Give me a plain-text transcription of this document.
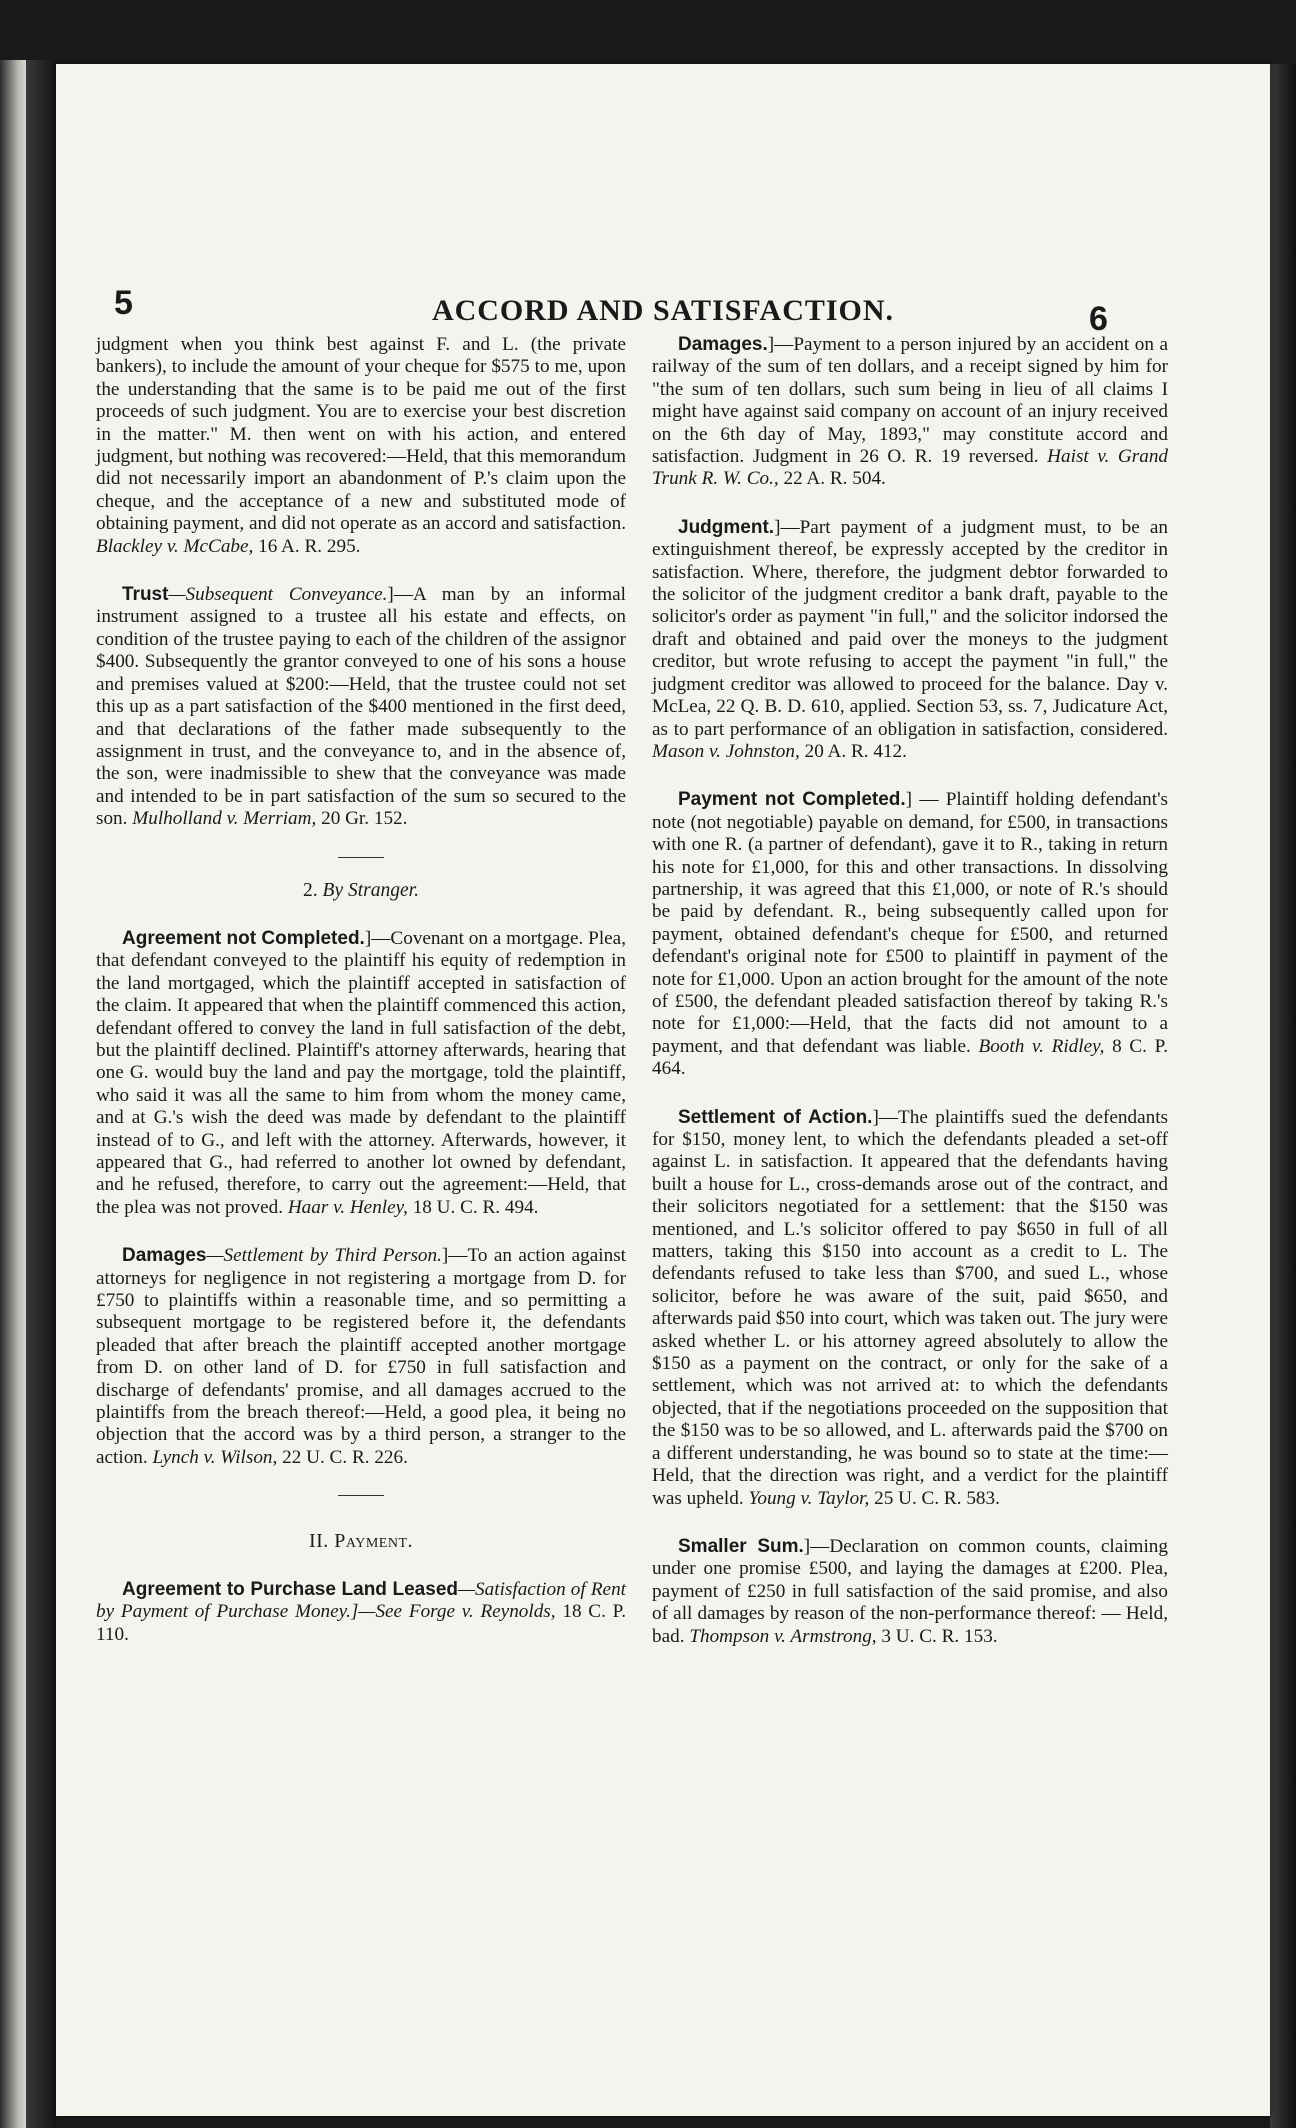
5	ACCORD AND SATISFACTION.	6

judgment when you think best against F. and L. (the private bankers), to include the amount of your cheque for $575 to me, upon the understanding that the same is to be paid me out of the first proceeds of such judgment. You are to exercise your best discretion in the matter." M. then went on with his action, and entered judgment, but nothing was recovered:—Held, that this memorandum did not necessarily import an abandonment of P.'s claim upon the cheque, and the acceptance of a new and substituted mode of obtaining payment, and did not operate as an accord and satisfaction. Blackley v. McCabe, 16 A. R. 295.

Trust—Subsequent Conveyance.]—A man by an informal instrument assigned to a trustee all his estate and effects, on condition of the trustee paying to each of the children of the assignor $400. Subsequently the grantor conveyed to one of his sons a house and premises valued at $200:—Held, that the trustee could not set this up as a part satisfaction of the $400 mentioned in the first deed, and that declarations of the father made subsequently to the assignment in trust, and the conveyance to, and in the absence of, the son, were inadmissible to shew that the conveyance was made and intended to be in part satisfaction of the sum so secured to the son. Mulholland v. Merriam, 20 Gr. 152.

2. By Stranger.

Agreement not Completed.]—Covenant on a mortgage. Plea, that defendant conveyed to the plaintiff his equity of redemption in the land mortgaged, which the plaintiff accepted in satisfaction of the claim. It appeared that when the plaintiff commenced this action, defendant offered to convey the land in full satisfaction of the debt, but the plaintiff declined. Plaintiff's attorney afterwards, hearing that one G. would buy the land and pay the mortgage, told the plaintiff, who said it was all the same to him from whom the money came, and at G.'s wish the deed was made by defendant to the plaintiff instead of to G., and left with the attorney. Afterwards, however, it appeared that G., had referred to another lot owned by defendant, and he refused, therefore, to carry out the agreement:—Held, that the plea was not proved. Haar v. Henley, 18 U. C. R. 494.

Damages—Settlement by Third Person.]—To an action against attorneys for negligence in not registering a mortgage from D. for £750 to plaintiffs within a reasonable time, and so permitting a subsequent mortgage to be registered before it, the defendants pleaded that after breach the plaintiff accepted another mortgage from D. on other land of D. for £750 in full satisfaction and discharge of defendants' promise, and all damages accrued to the plaintiffs from the breach thereof:—Held, a good plea, it being no objection that the accord was by a third person, a stranger to the action. Lynch v. Wilson, 22 U. C. R. 226.

II. Payment.

Agreement to Purchase Land Leased—Satisfaction of Rent by Payment of Purchase Money.]—See Forge v. Reynolds, 18 C. P. 110.

Damages.]—Payment to a person injured by an accident on a railway of the sum of ten dollars, and a receipt signed by him for "the sum of ten dollars, such sum being in lieu of all claims I might have against said company on account of an injury received on the 6th day of May, 1893," may constitute accord and satisfaction. Judgment in 26 O. R. 19 reversed. Haist v. Grand Trunk R. W. Co., 22 A. R. 504.

Judgment.]—Part payment of a judgment must, to be an extinguishment thereof, be expressly accepted by the creditor in satisfaction. Where, therefore, the judgment debtor forwarded to the solicitor of the judgment creditor a bank draft, payable to the solicitor's order as payment "in full," and the solicitor indorsed the draft and obtained and paid over the moneys to the judgment creditor, but wrote refusing to accept the payment "in full," the judgment creditor was allowed to proceed for the balance. Day v. McLea, 22 Q. B. D. 610, applied. Section 53, ss. 7, Judicature Act, as to part performance of an obligation in satisfaction, considered. Mason v. Johnston, 20 A. R. 412.

Payment not Completed.] — Plaintiff holding defendant's note (not negotiable) payable on demand, for £500, in transactions with one R. (a partner of defendant), gave it to R., taking in return his note for £1,000, for this and other transactions. In dissolving partnership, it was agreed that this £1,000, or note of R.'s should be paid by defendant. R., being subsequently called upon for payment, obtained defendant's cheque for £500, and returned defendant's original note for £500 to plaintiff in payment of the note for £1,000. Upon an action brought for the amount of the note of £500, the defendant pleaded satisfaction thereof by taking R.'s note for £1,000:—Held, that the facts did not amount to a payment, and that defendant was liable. Booth v. Ridley, 8 C. P. 464.

Settlement of Action.]—The plaintiffs sued the defendants for $150, money lent, to which the defendants pleaded a set-off against L. in satisfaction. It appeared that the defendants having built a house for L., cross-demands arose out of the contract, and their solicitors negotiated for a settlement: that the $150 was mentioned, and L.'s solicitor offered to pay $650 in full of all matters, taking this $150 into account as a credit to L. The defendants refused to take less than $700, and sued L., whose solicitor, before he was aware of the suit, paid $650, and afterwards paid $50 into court, which was taken out. The jury were asked whether L. or his attorney agreed absolutely to allow the $150 as a payment on the contract, or only for the sake of a settlement, which was not arrived at: to which the defendants objected, that if the negotiations proceeded on the supposition that the $150 was to be so allowed, and L. afterwards paid the $700 on a different understanding, he was bound so to state at the time:—Held, that the direction was right, and a verdict for the plaintiff was upheld. Young v. Taylor, 25 U. C. R. 583.

Smaller Sum.]—Declaration on common counts, claiming under one promise £500, and laying the damages at £200. Plea, payment of £250 in full satisfaction of the said promise, and also of all damages by reason of the non-performance thereof: — Held, bad. Thompson v. Armstrong, 3 U. C. R. 153.
